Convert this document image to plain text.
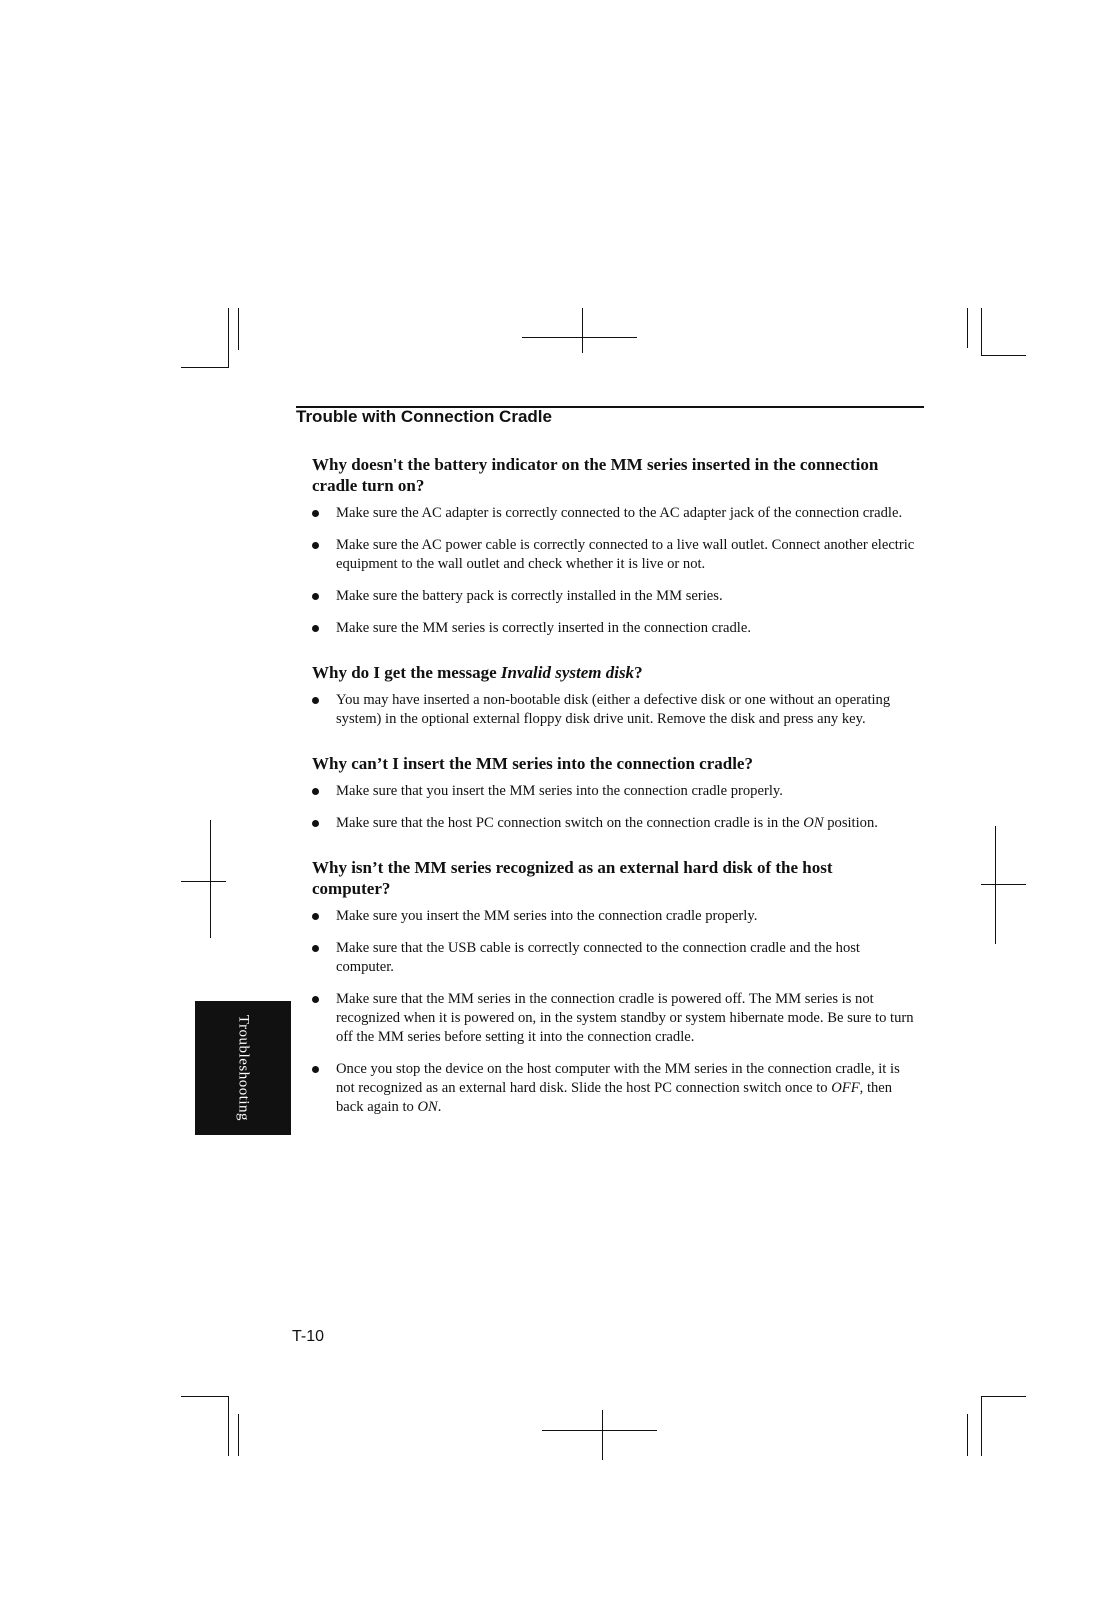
Trouble with Connection Cradle
Why doesn't the battery indicator on the MM series inserted in the connection cradle turn on?
Make sure the AC adapter is correctly connected to the AC adapter jack of the connection cradle.
Make sure the AC power cable is correctly connected to a live wall outlet. Connect another electric equipment to the wall outlet and check whether it is live or not.
Make sure the battery pack is correctly installed in the MM series.
Make sure the MM series is correctly inserted in the connection cradle.
Why do I get the message Invalid system disk?
You may have inserted a non-bootable disk (either a defective disk or one without an operating system) in the optional external floppy disk drive unit. Remove the disk and press any key.
Why can’t I insert the MM series into the connection cradle?
Make sure that you insert the MM series into the connection cradle properly.
Make sure that the host PC connection switch on the connection cradle is in the ON position.
Why isn’t the MM series recognized as an external hard disk of the host computer?
Make sure you insert the MM series into the connection cradle properly.
Make sure that the USB cable is correctly connected to the connection cradle and the host computer.
Make sure that the MM series in the connection cradle is powered off. The MM series is not recognized when it is powered on, in the system standby or system hibernate mode. Be sure to turn off the MM series before setting it into the connection cradle.
Once you stop the device on the host computer with the MM series in the connection cradle, it is not recognized as an external hard disk. Slide the host PC connection switch once to OFF, then back again to ON.
Troubleshooting
T-10
